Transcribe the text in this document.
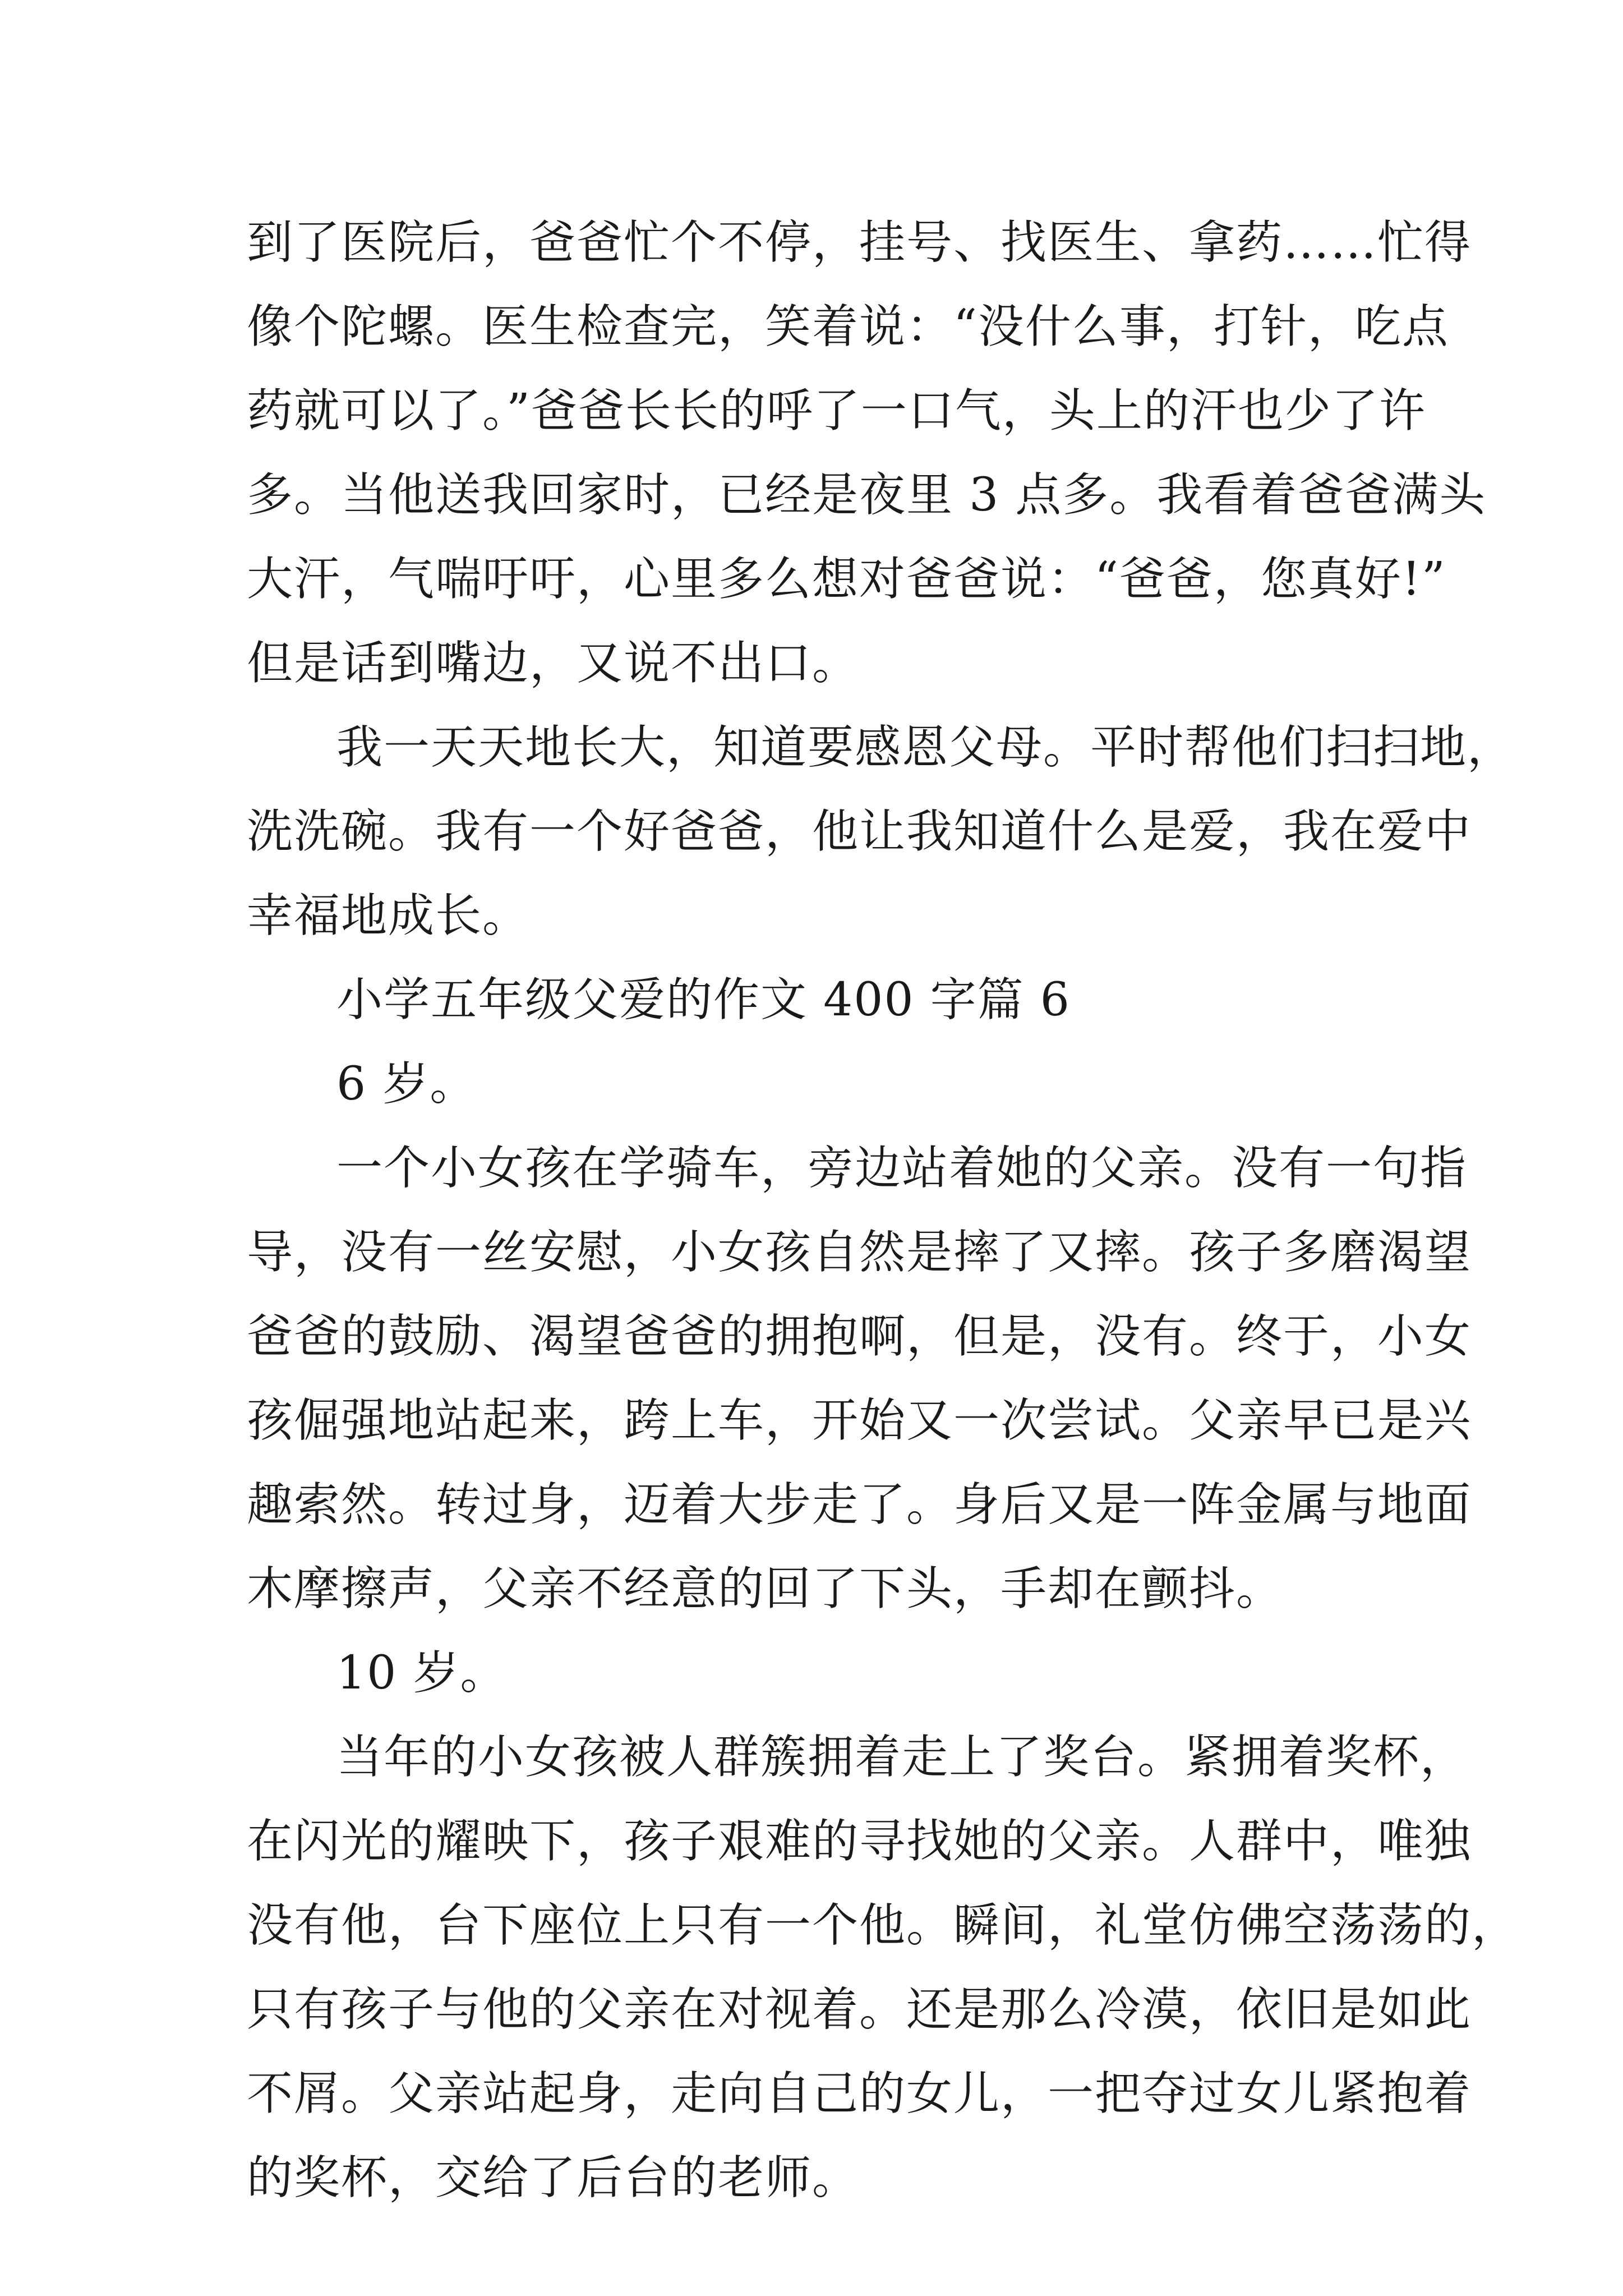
到了医院后，爸爸忙个不停，挂号、找医生、拿药……忙得
像个陀螺。医生检查完，笑着说：“没什么事，打针，吃点
药就可以了。”爸爸长长的呼了一口气，头上的汗也少了许
多。当他送我回家时，已经是夜里 3 点多。我看着爸爸满头
大汗，气喘吁吁，心里多么想对爸爸说：“爸爸，您真好!”
但是话到嘴边，又说不出口。
我一天天地长大，知道要感恩父母。平时帮他们扫扫地，
洗洗碗。我有一个好爸爸，他让我知道什么是爱，我在爱中
幸福地成长。
小学五年级父爱的作文 400 字篇 6
6 岁。
一个小女孩在学骑车，旁边站着她的父亲。没有一句指
导，没有一丝安慰，小女孩自然是摔了又摔。孩子多磨渴望
爸爸的鼓励、渴望爸爸的拥抱啊，但是，没有。终于，小女
孩倔强地站起来，跨上车，开始又一次尝试。父亲早已是兴
趣索然。转过身，迈着大步走了。身后又是一阵金属与地面
木摩擦声，父亲不经意的回了下头，手却在颤抖。
10 岁。
当年的小女孩被人群簇拥着走上了奖台。紧拥着奖杯，
在闪光的耀映下，孩子艰难的寻找她的父亲。人群中，唯独
没有他，台下座位上只有一个他。瞬间，礼堂仿佛空荡荡的，
只有孩子与他的父亲在对视着。还是那么冷漠，依旧是如此
不屑。父亲站起身，走向自己的女儿，一把夺过女儿紧抱着
的奖杯，交给了后台的老师。
